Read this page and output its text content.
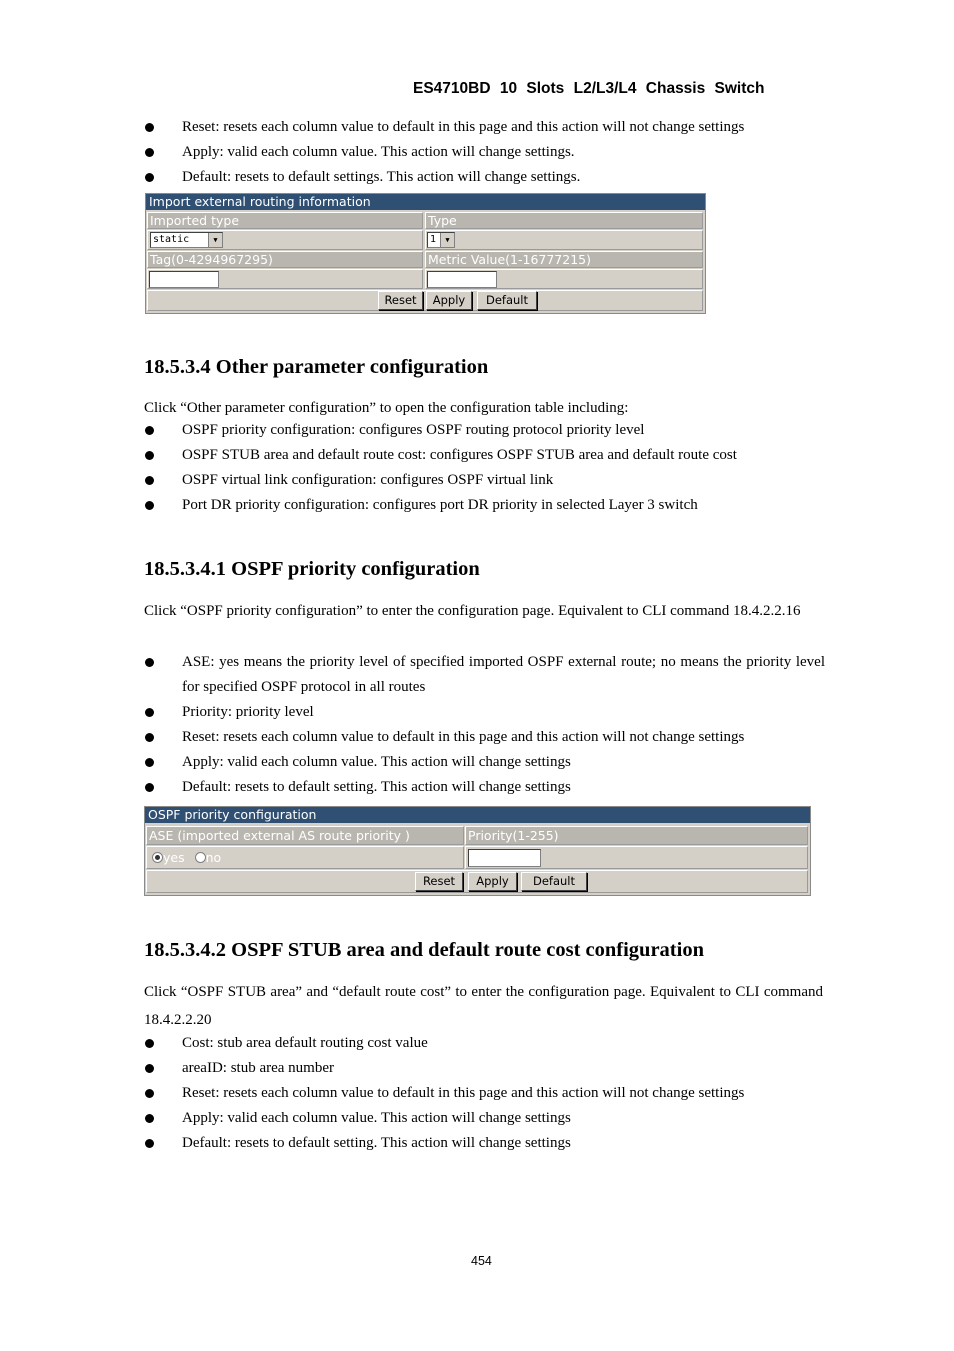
ES4710BD 10 Slots L2/L3/L4 Chassis Switch
Reset: resets each column value to default in this page and this action will not change settings
Apply: valid each column value. This action will change settings.
Default: resets to default settings. This action will change settings.
Import external routing information
Imported type	Type
static	▼	1	▼
Tag(0-4294967295)	Metric Value(1-16777215)
Reset	Apply	Default
18.5.3.4 Other parameter configuration

Click “Other parameter configuration” to open the configuration table including:

OSPF priority configuration: configures OSPF routing protocol priority level
OSPF STUB area and default route cost: configures OSPF STUB area and default route cost
OSPF virtual link configuration: configures OSPF virtual link
Port DR priority configuration: configures port DR priority in selected Layer 3 switch
18.5.3.4.1 OSPF priority configuration

Click “OSPF priority configuration” to enter the configuration page. Equivalent to CLI command 18.4.2.2.16

ASE: yes means the priority level of specified imported OSPF external route; no means the priority level for specified OSPF protocol in all routes
Priority: priority level
Reset: resets each column value to default in this page and this action will not change settings
Apply: valid each column value. This action will change settings
Default: resets to default setting. This action will change settings
OSPF priority configuration
ASE (imported external AS route priority )	Priority(1-255)
yes no
Reset	Apply	Default
18.5.3.4.2 OSPF STUB area and default route cost configuration

Click “OSPF STUB area” and “default route cost” to enter the configuration page. Equivalent to CLI command 18.4.2.2.20

Cost: stub area default routing cost value
areaID: stub area number
Reset: resets each column value to default in this page and this action will not change settings
Apply: valid each column value. This action will change settings
Default: resets to default setting. This action will change settings
454
